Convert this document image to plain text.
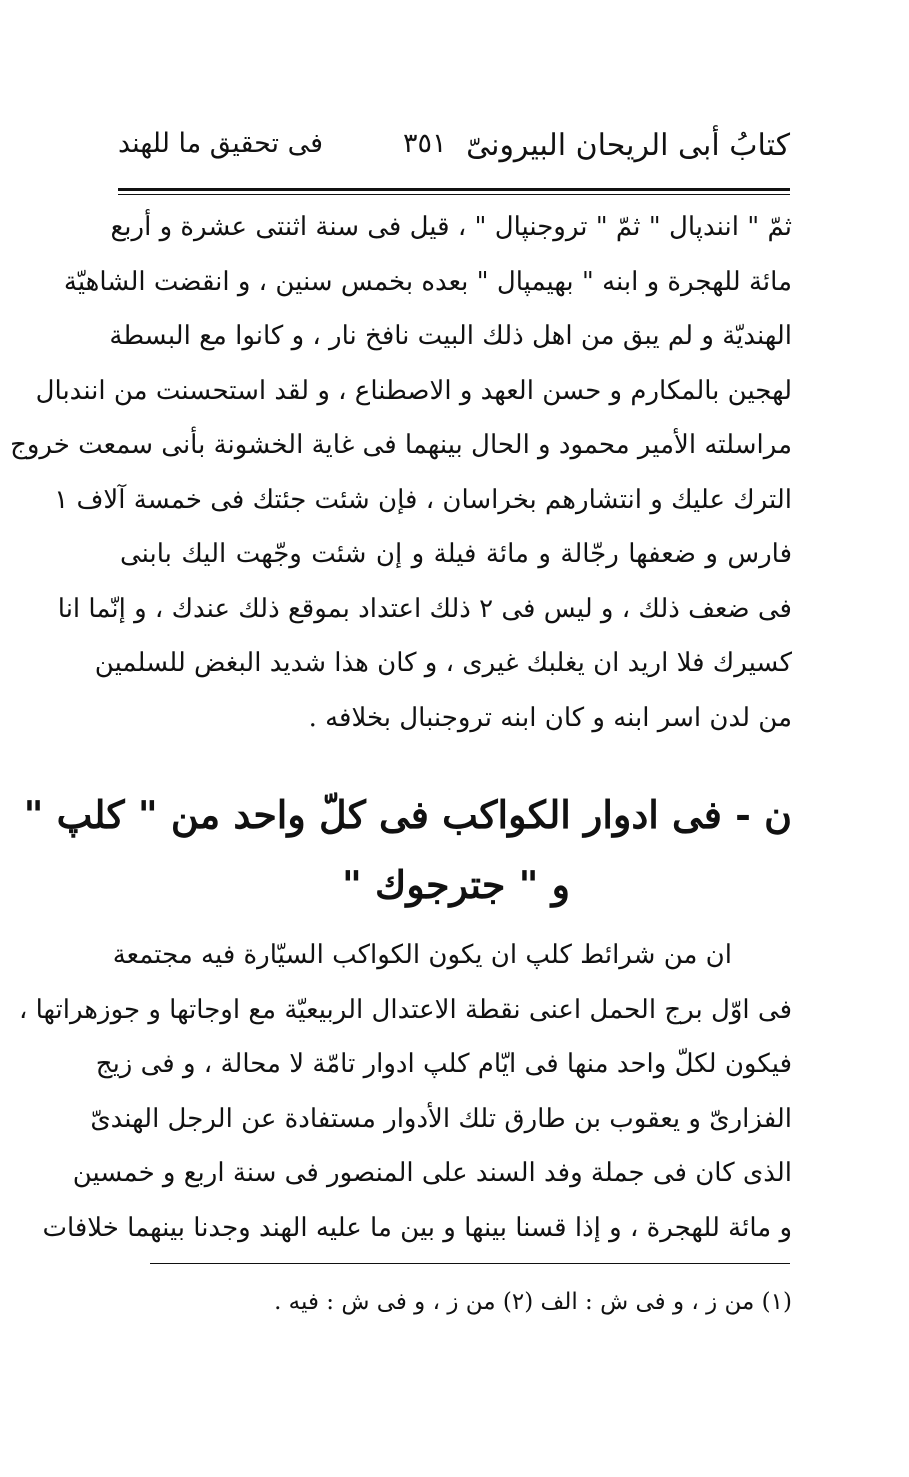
فى تحقيق ما للهند	٣٥١ كتابُ أبى الريحان البيرونىّ
ثمّ " انندپال " ثمّ " تروجنپال " ، قيل فى سنة اثنتى عشرة و أربع
مائة للهجرة و ابنه " بهيمپال " بعده بخمس سنين ، و انقضت الشاهيّة
الهنديّة و لم يبق من اهل ذلك البيت نافخ نار ، و كانوا مع البسطة
لهجين بالمكارم و حسن العهد و الاصطناع ، و لقد استحسنت من انندبال
مراسلته الأمير محمود و الحال بينهما فى غاية الخشونة بأنى سمعت خروج
الترك عليك و انتشارهم بخراسان ، فإن شئت جئتك فى خمسة آلاف ١
فارس و ضعفها رجّالة و مائة فيلة و إن شئت وجّهت اليك بابنى
فى ضعف ذلك ، و ليس فى ٢ ذلك اعتداد بموقع ذلك عندك ، و إنّما انا
كسيرك فلا اريد ان يغلبك غيرى ، و كان هذا شديد البغض للسلمين
من لدن اسر ابنه و كان ابنه تروجنبال بخلافه .
ن - فى ادوار الكواكب فى كلّ واحد من " كلپ "
و " جترجوك "
ان من شرائط كلپ ان يكون الكواكب السيّارة فيه مجتمعة
فى اوّل برج الحمل اعنى نقطة الاعتدال الربيعيّة مع اوجاتها و جوزهراتها ،
فيكون لكلّ واحد منها فى ايّام كلپ ادوار تامّة لا محالة ، و فى زيج
الفزارىّ و يعقوب بن طارق تلك الأدوار مستفادة عن الرجل الهندىّ
الذى كان فى جملة وفد السند على المنصور فى سنة اربع و خمسين
و مائة للهجرة ، و إذا قسنا بينها و بين ما عليه الهند وجدنا بينهما خلافات
(١) من ز ، و فى ش : الف (٢) من ز ، و فى ش : فيه .
